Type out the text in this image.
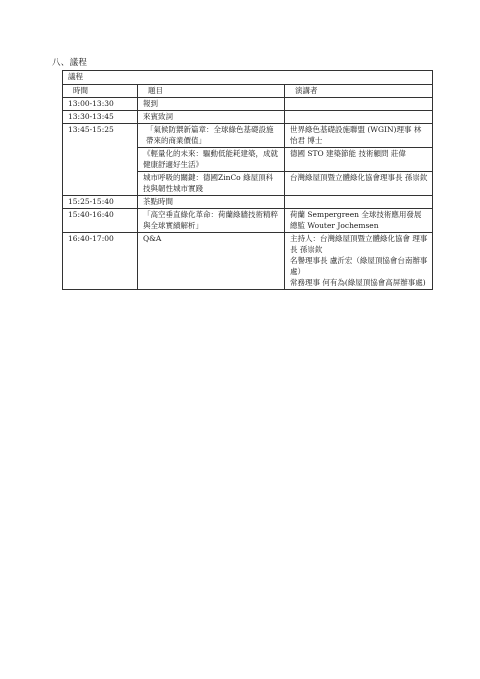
八、議程
議程		
時間	題目	演講者
13:00-13:30	報到	
13:30-13:45	來賓致詞	
13:45-15:25	「氣候防禦新篇章：全球綠色基礎設施帶來的商業價值」	世界綠色基礎設施聯盟 (WGIN)理事 林怡君 博士
	《輕量化的未來：驅動低能耗建築，成就健康舒適好生活》	德國 STO 建築節能 技術顧問 莊偉
	城市呼吸的關鍵：德國ZinCo 綠屋頂科技與韌性城市實踐	台灣綠屋頂暨立體綠化協會理事長 孫崇欽
15:25-15:40	茶點時間	
15:40-16:40	「高空垂直綠化革命：荷蘭綠牆技術精粹與全球實績解析」	荷蘭 Sempergreen 全球技術應用發展總監 Wouter Jochemsen
16:40-17:00	Q&A	主持人：台灣綠屋頂暨立體綠化協會 理事長 孫崇欽
名譽理事長 盧沂宏（綠屋頂協會台南辦事處）
常務理事 何有為(綠屋頂協會高屏辦事處)
